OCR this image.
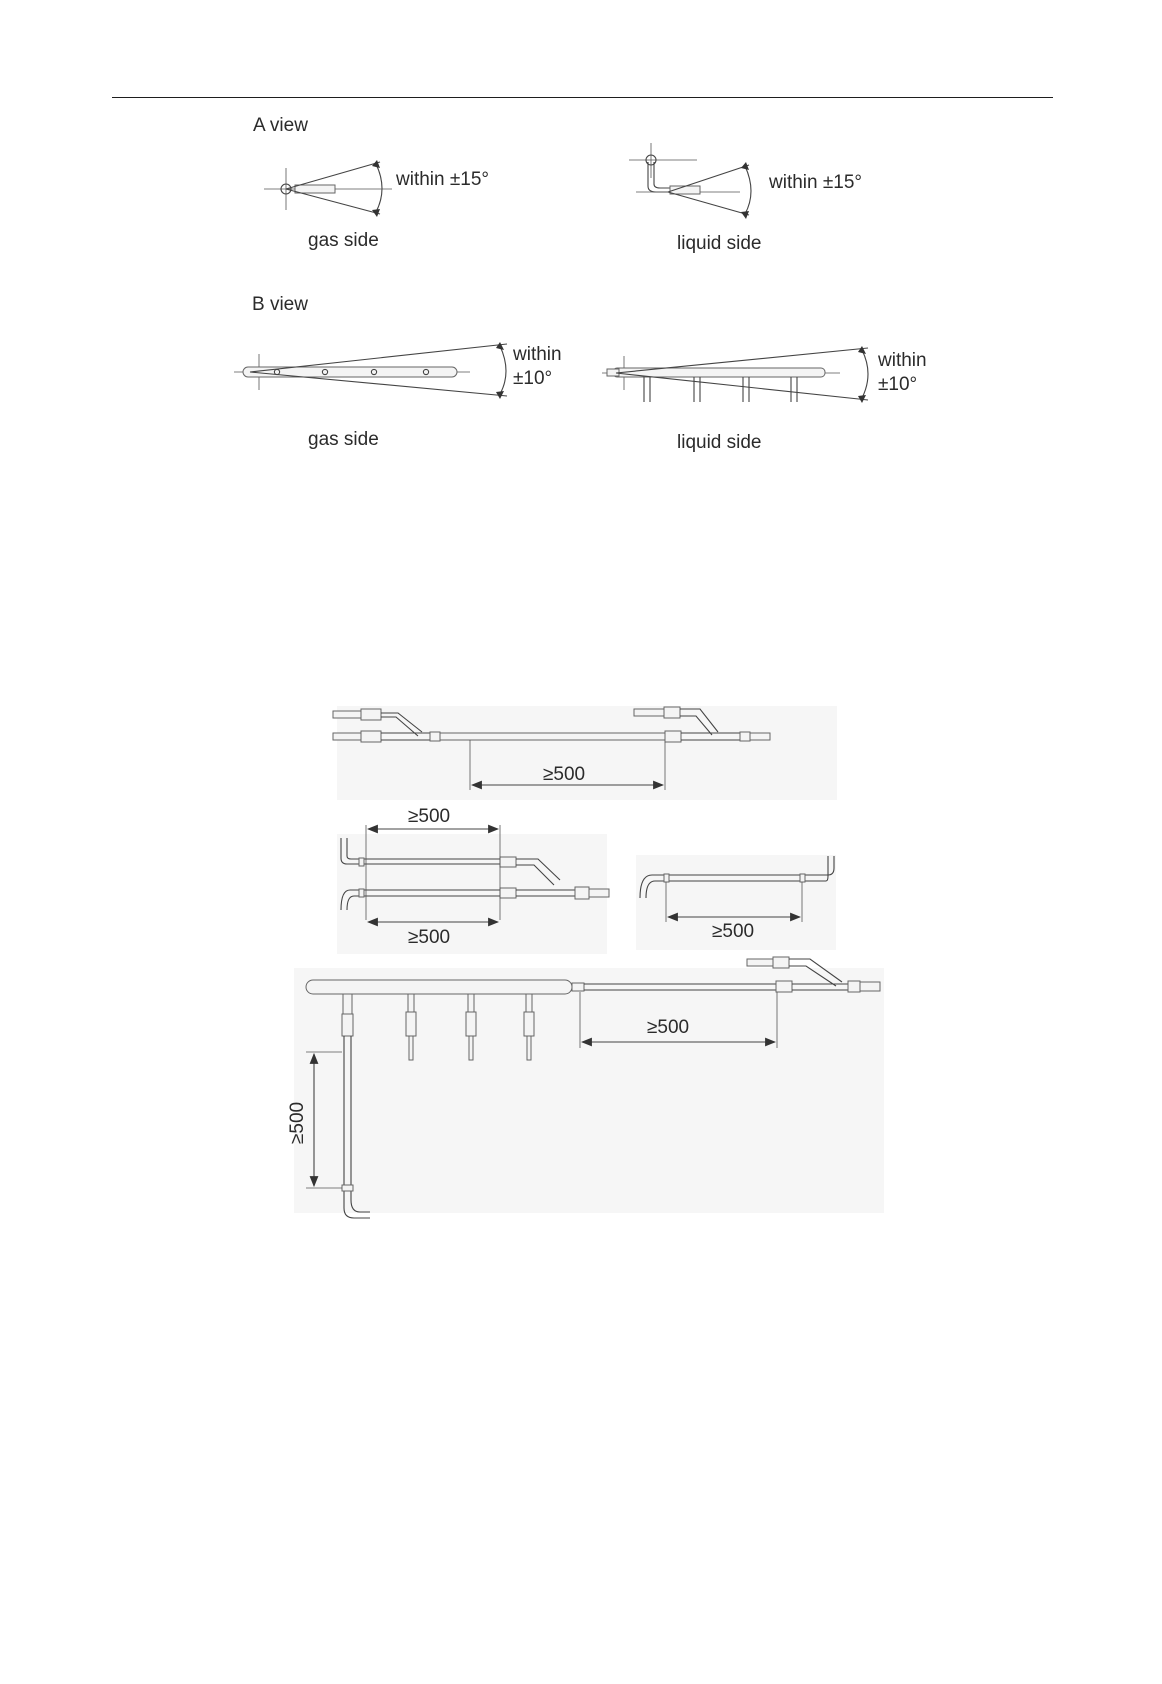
A view
within ±15°
gas side
within ±15°
liquid side
B view
within
±10°
gas side
within
±10°
liquid side
≥500
≥500
≥500	≥500
≥500
≥500
